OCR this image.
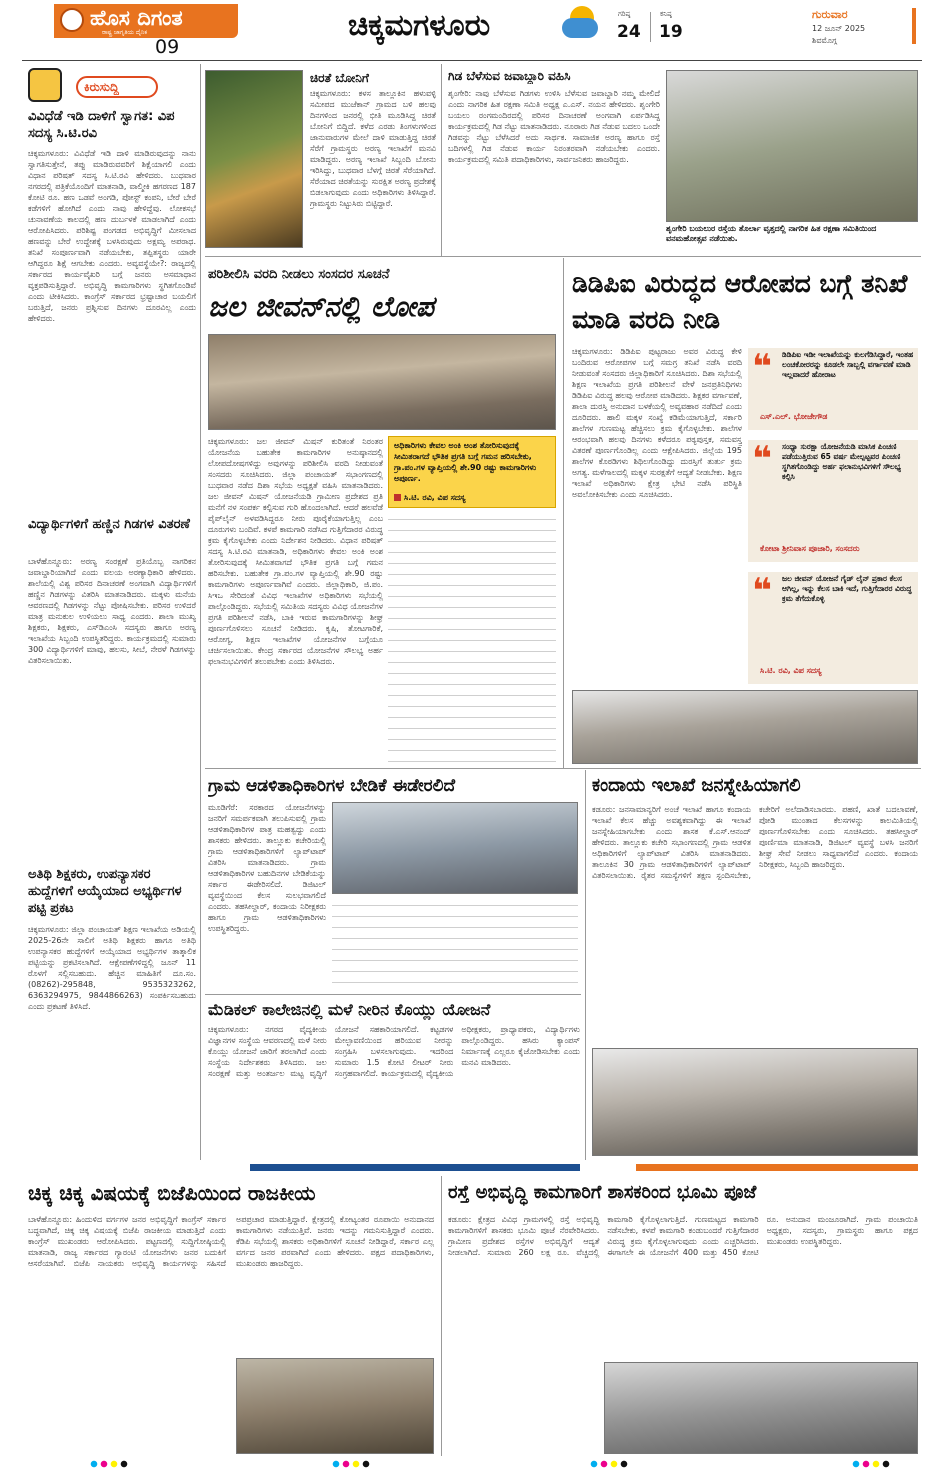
ಹೊಸ ದಿಗಂತ
ರಾಷ್ಟ್ರ ಜಾಗೃತಿಯ ದೈನಿಕ
09
ಚಿಕ್ಕಮಗಳೂರು	ಗರಿಷ್ಠ
24
ಕನಿಷ್ಠ
19
ಗುರುವಾರ
12 ಜೂನ್ 2025
ಶಿವಮೊಗ್ಗ
ಕಿರುಸುದ್ದಿ
ವಿವಿಧೆಡೆ ಇಡಿ ದಾಳಿಗೆ ಸ್ವಾಗತ: ವಿಪ ಸದಸ್ಯ ಸಿ.ಟಿ.ರವಿ
ಚಿಕ್ಕಮಗಳೂರು: ವಿವಿಧೆಡೆ ಇಡಿ ದಾಳಿ ಮಾಡಿರುವುದನ್ನು ನಾನು ಸ್ವಾಗತಿಸುತ್ತೇನೆ, ತಪ್ಪು ಮಾಡಿರುವವರಿಗೆ ಶಿಕ್ಷೆಯಾಗಲಿ ಎಂದು ವಿಧಾನ ಪರಿಷತ್ ಸದಸ್ಯ ಸಿ.ಟಿ.ರವಿ ಹೇಳಿದರು. ಬುಧವಾರ ನಗರದಲ್ಲಿ ಪತ್ರಿಕೆಯೊಂದಿಗೆ ಮಾತನಾಡಿ, ವಾಲ್ಮೀಕಿ ಹಗರಣದ 187 ಕೋಟಿ ರೂ. ಹಣ ಒಡವೆ ಅಂಗಡಿ, ಪೋಸ್ಟ್ ಕಂಪನಿ, ಬೇರೆ ಬೇರೆ ಕಡೆಗಳಿಗೆ ಹೋಗಿದೆ ಎಂದು ನಾವು ಹೇಳಿದ್ದೆವು. ಲೋಕಸಭೆ ಚುನಾವಣೆಯ ಕಾಲದಲ್ಲಿ ಹಣ ದುರ್ಬಳಕೆ ಮಾಡಲಾಗಿದೆ ಎಂದು ಆರೋಪಿಸಿದರು. ಪರಿಶಿಷ್ಟ ಪಂಗಡದ ಅಭಿವೃದ್ಧಿಗೆ ಮೀಸಲಾದ ಹಣವನ್ನು ಬೇರೆ ಉದ್ದೇಶಕ್ಕೆ ಬಳಸಿರುವುದು ಅಕ್ಷಮ್ಯ ಅಪರಾಧ. ತನಿಖೆ ಸಂಪೂರ್ಣವಾಗಿ ನಡೆಯಬೇಕು, ತಪ್ಪಿತಸ್ಥರು ಯಾರೇ ಆಗಿದ್ದರೂ ಶಿಕ್ಷೆ ಆಗಬೇಕು ಎಂದರು. ಅವ್ಯವಸ್ಥೆಯೇ?: ರಾಜ್ಯದಲ್ಲಿ ಸರ್ಕಾರದ ಕಾರ್ಯವೈಖರಿ ಬಗ್ಗೆ ಜನರು ಅಸಮಾಧಾನ ವ್ಯಕ್ತಪಡಿಸುತ್ತಿದ್ದಾರೆ. ಅಭಿವೃದ್ಧಿ ಕಾಮಗಾರಿಗಳು ಸ್ಥಗಿತಗೊಂಡಿವೆ ಎಂದು ಟೀಕಿಸಿದರು. ಕಾಂಗ್ರೆಸ್ ಸರ್ಕಾರದ ಭ್ರಷ್ಟಾಚಾರ ಬಯಲಿಗೆ ಬರುತ್ತಿದೆ, ಜನರು ಪ್ರಶ್ನಿಸುವ ದಿನಗಳು ದೂರವಿಲ್ಲ ಎಂದು ಹೇಳಿದರು.
ವಿದ್ಯಾರ್ಥಿಗಳಿಗೆ ಹಣ್ಣಿನ ಗಿಡಗಳ ವಿತರಣೆ
ಬಾಳೆಹೊನ್ನೂರು: ಅರಣ್ಯ ಸಂರಕ್ಷಣೆ ಪ್ರತಿಯೊಬ್ಬ ನಾಗರಿಕನ ಜವಾಬ್ದಾರಿಯಾಗಿದೆ ಎಂದು ವಲಯ ಅರಣ್ಯಾಧಿಕಾರಿ ಹೇಳಿದರು. ಶಾಲೆಯಲ್ಲಿ ವಿಶ್ವ ಪರಿಸರ ದಿನಾಚರಣೆ ಅಂಗವಾಗಿ ವಿದ್ಯಾರ್ಥಿಗಳಿಗೆ ಹಣ್ಣಿನ ಗಿಡಗಳನ್ನು ವಿತರಿಸಿ ಮಾತನಾಡಿದರು. ಮಕ್ಕಳು ಮನೆಯ ಆವರಣದಲ್ಲಿ ಗಿಡಗಳನ್ನು ನೆಟ್ಟು ಪೋಷಿಸಬೇಕು. ಪರಿಸರ ಉಳಿದರೆ ಮಾತ್ರ ಮನುಕುಲ ಉಳಿಯಲು ಸಾಧ್ಯ ಎಂದರು. ಶಾಲಾ ಮುಖ್ಯ ಶಿಕ್ಷಕರು, ಶಿಕ್ಷಕರು, ಎಸ್‌ಡಿಎಂಸಿ ಸದಸ್ಯರು ಹಾಗೂ ಅರಣ್ಯ ಇಲಾಖೆಯ ಸಿಬ್ಬಂದಿ ಉಪಸ್ಥಿತರಿದ್ದರು. ಕಾರ್ಯಕ್ರಮದಲ್ಲಿ ಸುಮಾರು 300 ವಿದ್ಯಾರ್ಥಿಗಳಿಗೆ ಮಾವು, ಹಲಸು, ಸೀಬೆ, ನೇರಳೆ ಗಿಡಗಳನ್ನು ವಿತರಿಸಲಾಯಿತು.
ಅತಿಥಿ ಶಿಕ್ಷಕರು, ಉಪನ್ಯಾಸಕರ ಹುದ್ದೆಗಳಿಗೆ ಆಯ್ಕೆಯಾದ ಅಭ್ಯರ್ಥಿಗಳ ಪಟ್ಟಿ ಪ್ರಕಟ
ಚಿಕ್ಕಮಗಳೂರು: ಜಿಲ್ಲಾ ಪಂಚಾಯತ್ ಶಿಕ್ಷಣ ಇಲಾಖೆಯ ಅಡಿಯಲ್ಲಿ 2025-26ನೇ ಸಾಲಿಗೆ ಅತಿಥಿ ಶಿಕ್ಷಕರು ಹಾಗೂ ಅತಿಥಿ ಉಪನ್ಯಾಸಕರ ಹುದ್ದೆಗಳಿಗೆ ಆಯ್ಕೆಯಾದ ಅಭ್ಯರ್ಥಿಗಳ ತಾತ್ಕಾಲಿಕ ಪಟ್ಟಿಯನ್ನು ಪ್ರಕಟಿಸಲಾಗಿದೆ. ಆಕ್ಷೇಪಣೆಗಳಿದ್ದಲ್ಲಿ ಜೂನ್ 11 ರೊಳಗೆ ಸಲ್ಲಿಸಬಹುದು. ಹೆಚ್ಚಿನ ಮಾಹಿತಿಗೆ ದೂ.ಸಂ. (08262)-295848, 9535323262, 6363294975, 9844866263) ಸಂಪರ್ಕಿಸಬಹುದು ಎಂದು ಪ್ರಕಟಣೆ ತಿಳಿಸಿದೆ.
ಚಿರತೆ ಬೋನಿಗೆ
ಚಿಕ್ಕಮಗಳೂರು: ಕಳಸ ತಾಲ್ಲೂಕಿನ ಹಳುವಳ್ಳಿ ಸಮೀಪದ ಮುಜೆಕಾನ್ ಗ್ರಾಮದ ಬಳಿ ಹಲವು ದಿನಗಳಿಂದ ಜನರಲ್ಲಿ ಭೀತಿ ಮೂಡಿಸಿದ್ದ ಚಿರತೆ ಬೋನಿಗೆ ಬಿದ್ದಿದೆ. ಕಳೆದ ಎರಡು ತಿಂಗಳುಗಳಿಂದ ಜಾನುವಾರುಗಳ ಮೇಲೆ ದಾಳಿ ಮಾಡುತ್ತಿದ್ದ ಚಿರತೆ ಸೆರೆಗೆ ಗ್ರಾಮಸ್ಥರು ಅರಣ್ಯ ಇಲಾಖೆಗೆ ಮನವಿ ಮಾಡಿದ್ದರು. ಅರಣ್ಯ ಇಲಾಖೆ ಸಿಬ್ಬಂದಿ ಬೋನು ಇರಿಸಿದ್ದು, ಬುಧವಾರ ಬೆಳಗ್ಗೆ ಚಿರತೆ ಸೆರೆಯಾಗಿದೆ. ಸೆರೆಯಾದ ಚಿರತೆಯನ್ನು ಸುರಕ್ಷಿತ ಅರಣ್ಯ ಪ್ರದೇಶಕ್ಕೆ ಬಿಡಲಾಗುವುದು ಎಂದು ಅಧಿಕಾರಿಗಳು ತಿಳಿಸಿದ್ದಾರೆ. ಗ್ರಾಮಸ್ಥರು ನಿಟ್ಟುಸಿರು ಬಿಟ್ಟಿದ್ದಾರೆ.
ಗಿಡ ಬೆಳೆಸುವ ಜವಾಬ್ದಾರಿ ವಹಿಸಿ
ಶೃಂಗೇರಿ: ನಾವು ಬೆಳೆಸುವ ಗಿಡಗಳು ಉಳಿಸಿ ಬೆಳೆಸುವ ಜವಾಬ್ದಾರಿ ನಮ್ಮ ಮೇಲಿದೆ ಎಂದು ನಾಗರಿಕ ಹಿತ ರಕ್ಷಣಾ ಸಮಿತಿ ಅಧ್ಯಕ್ಷ ಎ.ಎಸ್. ನಯನ ಹೇಳಿದರು. ಶೃಂಗೇರಿ ಬಯಲು ರಂಗಮಂದಿರದಲ್ಲಿ ಪರಿಸರ ದಿನಾಚರಣೆ ಅಂಗವಾಗಿ ಏರ್ಪಡಿಸಿದ್ದ ಕಾರ್ಯಕ್ರಮದಲ್ಲಿ ಗಿಡ ನೆಟ್ಟು ಮಾತನಾಡಿದರು. ನೂರಾರು ಗಿಡ ನೆಡುವ ಬದಲು ಒಂದೇ ಗಿಡವನ್ನು ನೆಟ್ಟು ಬೆಳೆಸಿದರೆ ಅದು ಸಾರ್ಥಕ. ಸಾಮಾಜಿಕ ಅರಣ್ಯ ಹಾಗೂ ರಸ್ತೆ ಬದಿಗಳಲ್ಲಿ ಗಿಡ ನೆಡುವ ಕಾರ್ಯ ನಿರಂತರವಾಗಿ ನಡೆಯಬೇಕು ಎಂದರು. ಕಾರ್ಯಕ್ರಮದಲ್ಲಿ ಸಮಿತಿ ಪದಾಧಿಕಾರಿಗಳು, ಸಾರ್ವಜನಿಕರು ಹಾಜರಿದ್ದರು.
ಶೃಂಗೇರಿ ಬಯಲುರ ರಸ್ತೆಯ ತೊರ್ಲಾ ವೃತ್ತದಲ್ಲಿ ನಾಗರಿಕ ಹಿತ ರಕ್ಷಣಾ ಸಮಿತಿಯಿಂದ ವನಮಹೋತ್ಸವ ನಡೆಯಿತು.
ಪರಿಶೀಲಿಸಿ ವರದಿ ನೀಡಲು ಸಂಸದರ ಸೂಚನೆ
ಜಲ ಜೀವನ್‌ನಲ್ಲಿ ಲೋಪ
ಚಿಕ್ಕಮಗಳೂರು: ಜಲ ಜೀವನ್ ಮಿಷನ್ ಕುರಿತಂತೆ ನಿರಂತರ ಯೋಜನೆಯ ಬಹುತೇಕ ಕಾಮಗಾರಿಗಳ ಅನುಷ್ಠಾನದಲ್ಲಿ ಲೋಪದೋಷಗಳಿದ್ದು ಅವುಗಳನ್ನು ಪರಿಶೀಲಿಸಿ ವರದಿ ನೀಡುವಂತೆ ಸಂಸದರು ಸೂಚಿಸಿದರು. ಜಿಲ್ಲಾ ಪಂಚಾಯತ್ ಸಭಾಂಗಣದಲ್ಲಿ ಬುಧವಾರ ನಡೆದ ದಿಶಾ ಸಭೆಯ ಅಧ್ಯಕ್ಷತೆ ವಹಿಸಿ ಮಾತನಾಡಿದರು. ಜಲ ಜೀವನ್ ಮಿಷನ್ ಯೋಜನೆಯಡಿ ಗ್ರಾಮೀಣ ಪ್ರದೇಶದ ಪ್ರತಿ ಮನೆಗೆ ನಳ ಸಂಪರ್ಕ ಕಲ್ಪಿಸುವ ಗುರಿ ಹೊಂದಲಾಗಿದೆ. ಆದರೆ ಹಲವೆಡೆ ಪೈಪ್‌ಲೈನ್ ಅಳವಡಿಸಿದ್ದರೂ ನೀರು ಪೂರೈಕೆಯಾಗುತ್ತಿಲ್ಲ ಎಂಬ ದೂರುಗಳು ಬಂದಿವೆ. ಕಳಪೆ ಕಾಮಗಾರಿ ನಡೆಸಿದ ಗುತ್ತಿಗೆದಾರರ ವಿರುದ್ಧ ಕ್ರಮ ಕೈಗೊಳ್ಳಬೇಕು ಎಂದು ನಿರ್ದೇಶನ ನೀಡಿದರು. ವಿಧಾನ ಪರಿಷತ್ ಸದಸ್ಯ ಸಿ.ಟಿ.ರವಿ ಮಾತನಾಡಿ, ಅಧಿಕಾರಿಗಳು ಕೇವಲ ಅಂಕಿ ಅಂಶ ತೋರಿಸುವುದಕ್ಕೆ ಸೀಮಿತವಾಗದೆ ಭೌತಿಕ ಪ್ರಗತಿ ಬಗ್ಗೆ ಗಮನ ಹರಿಸಬೇಕು. ಬಹುತೇಕ ಗ್ರಾ.ಪಂ.ಗಳ ವ್ಯಾಪ್ತಿಯಲ್ಲಿ ಶೇ.90 ರಷ್ಟು ಕಾಮಗಾರಿಗಳು ಅಪೂರ್ಣವಾಗಿವೆ ಎಂದರು. ಜಿಲ್ಲಾಧಿಕಾರಿ, ಜಿ.ಪಂ. ಸಿಇಒ ಸೇರಿದಂತೆ ವಿವಿಧ ಇಲಾಖೆಗಳ ಅಧಿಕಾರಿಗಳು ಸಭೆಯಲ್ಲಿ ಪಾಲ್ಗೊಂಡಿದ್ದರು. ಸಭೆಯಲ್ಲಿ ಸಮಿತಿಯ ಸದಸ್ಯರು ವಿವಿಧ ಯೋಜನೆಗಳ ಪ್ರಗತಿ ಪರಿಶೀಲನೆ ನಡೆಸಿ, ಬಾಕಿ ಇರುವ ಕಾಮಗಾರಿಗಳನ್ನು ಶೀಘ್ರ ಪೂರ್ಣಗೊಳಿಸಲು ಸೂಚನೆ ನೀಡಿದರು. ಕೃಷಿ, ತೋಟಗಾರಿಕೆ, ಆರೋಗ್ಯ, ಶಿಕ್ಷಣ ಇಲಾಖೆಗಳ ಯೋಜನೆಗಳ ಬಗ್ಗೆಯೂ ಚರ್ಚಿಸಲಾಯಿತು. ಕೇಂದ್ರ ಸರ್ಕಾರದ ಯೋಜನೆಗಳ ಸೌಲಭ್ಯ ಅರ್ಹ ಫಲಾನುಭವಿಗಳಿಗೆ ತಲುಪಬೇಕು ಎಂದು ತಿಳಿಸಿದರು.
ಅಧಿಕಾರಿಗಳು ಕೇವಲ ಅಂಕಿ ಅಂಶ ತೋರಿಸುವುದಕ್ಕೆ ಸೀಮಿತರಾಗದೆ ಭೌತಿಕ ಪ್ರಗತಿ ಬಗ್ಗೆ ಗಮನ ಹರಿಸಬೇಕು, ಗ್ರಾ.ಪಂ.ಗಳ ವ್ಯಾಪ್ತಿಯಲ್ಲಿ ಶೇ.90 ರಷ್ಟು ಕಾಮಗಾರಿಗಳು ಅಪೂರ್ಣ.
ಸಿ.ಟಿ. ರವಿ, ವಿಪ ಸದಸ್ಯ
ಡಿಡಿಪಿಐ ವಿರುದ್ಧದ ಆರೋಪದ ಬಗ್ಗೆ ತನಿಖೆ ಮಾಡಿ ವರದಿ ನೀಡಿ
ಚಿಕ್ಕಮಗಳೂರು: ಡಿಡಿಪಿಐ ಪುಟ್ಟರಾಜು ಅವರ ವಿರುದ್ಧ ಕೇಳಿ ಬಂದಿರುವ ಆರೋಪಗಳ ಬಗ್ಗೆ ಸಮಗ್ರ ತನಿಖೆ ನಡೆಸಿ ವರದಿ ನೀಡುವಂತೆ ಸಂಸದರು ಜಿಲ್ಲಾಧಿಕಾರಿಗೆ ಸೂಚಿಸಿದರು. ದಿಶಾ ಸಭೆಯಲ್ಲಿ ಶಿಕ್ಷಣ ಇಲಾಖೆಯ ಪ್ರಗತಿ ಪರಿಶೀಲನೆ ವೇಳೆ ಜನಪ್ರತಿನಿಧಿಗಳು ಡಿಡಿಪಿಐ ವಿರುದ್ಧ ಹಲವು ಆರೋಪ ಮಾಡಿದರು. ಶಿಕ್ಷಕರ ವರ್ಗಾವಣೆ, ಶಾಲಾ ದುರಸ್ತಿ ಅನುದಾನ ಬಳಕೆಯಲ್ಲಿ ಅವ್ಯವಹಾರ ನಡೆದಿದೆ ಎಂದು ದೂರಿದರು. ಹಾಲಿ ಮಕ್ಕಳ ಸಂಖ್ಯೆ ಕಡಿಮೆಯಾಗುತ್ತಿದೆ, ಸರ್ಕಾರಿ ಶಾಲೆಗಳ ಗುಣಮಟ್ಟ ಹೆಚ್ಚಿಸಲು ಕ್ರಮ ಕೈಗೊಳ್ಳಬೇಕು. ಶಾಲೆಗಳ ಆರಂಭವಾಗಿ ಹಲವು ದಿನಗಳು ಕಳೆದರೂ ಪಠ್ಯಪುಸ್ತಕ, ಸಮವಸ್ತ್ರ ವಿತರಣೆ ಪೂರ್ಣಗೊಂಡಿಲ್ಲ ಎಂದು ಆಕ್ಷೇಪಿಸಿದರು. ಜಿಲ್ಲೆಯ 195 ಶಾಲೆಗಳ ಕೊಠಡಿಗಳು ಶಿಥಿಲಗೊಂಡಿದ್ದು ದುರಸ್ತಿಗೆ ತುರ್ತು ಕ್ರಮ ಅಗತ್ಯ. ಮಳೆಗಾಲದಲ್ಲಿ ಮಕ್ಕಳ ಸುರಕ್ಷತೆಗೆ ಆದ್ಯತೆ ನೀಡಬೇಕು. ಶಿಕ್ಷಣ ಇಲಾಖೆ ಅಧಿಕಾರಿಗಳು ಕ್ಷೇತ್ರ ಭೇಟಿ ನಡೆಸಿ ಪರಿಸ್ಥಿತಿ ಅವಲೋಕಿಸಬೇಕು ಎಂದು ಸೂಚಿಸಿದರು.
❝	ಡಿಡಿಪಿಐ ಇಡೀ ಇಲಾಖೆಯನ್ನು ಕುಲಗೆಡಿಸಿದ್ದಾರೆ, ಇಂತಹ ಲಂಚಕೋರರನ್ನು ಕೂಡಲೇ ಸಾಬ್ಬಲ್ಲಿ ವರ್ಗಾವಣೆ ಮಾಡಿ ಇಲ್ಲವಾದರೆ ಹೋರಾಟ
ಎಸ್.ಎಲ್. ಭೋಜೇಗೌಡ
❝	ಸಂಧ್ಯಾ ಸುರಕ್ಷಾ ಯೋಜನೆಯಡಿ ಮಾಸಿಕ ಪಿಂಚಣಿ ಪಡೆಯುತ್ತಿರುವ 65 ವರ್ಷ ಮೇಲ್ಪಟ್ಟವರ ಪಿಂಚಣಿ ಸ್ಥಗಿತಗೊಂಡಿದ್ದು ಅರ್ಹ ಫಲಾನುಭವಿಗಳಿಗೆ ಸೌಲಭ್ಯ ಕಲ್ಪಿಸಿ
ಕೋಟಾ ಶ್ರೀನಿವಾಸ ಪೂಜಾರಿ, ಸಂಸದರು
❝	ಜಲ ಜೀವನ್ ಯೋಜನೆ ಗೈಡ್ ಲೈನ್ ಪ್ರಕಾರ ಕೆಲಸ ಆಗಿಲ್ಲ, ಇನ್ನು ಕೆಲಸ ಬಾಕಿ ಇದೆ, ಗುತ್ತಿಗೆದಾರರ ವಿರುದ್ಧ ಕ್ರಮ ತೆಗೆದುಕೊಳ್ಳಿ
ಸಿ.ಟಿ. ರವಿ, ವಿಪ ಸದಸ್ಯ
ಗ್ರಾಮ ಆಡಳಿತಾಧಿಕಾರಿಗಳ ಬೇಡಿಕೆ ಈಡೇರಲಿದೆ
ಮೂಡಿಗೆರೆ: ಸರಕಾರದ ಯೋಜನೆಗಳನ್ನು ಜನರಿಗೆ ಸಮರ್ಪಕವಾಗಿ ತಲುಪಿಸುವಲ್ಲಿ ಗ್ರಾಮ ಆಡಳಿತಾಧಿಕಾರಿಗಳ ಪಾತ್ರ ಮಹತ್ವದ್ದು ಎಂದು ಶಾಸಕರು ಹೇಳಿದರು. ತಾಲ್ಲೂಕು ಕಚೇರಿಯಲ್ಲಿ ಗ್ರಾಮ ಆಡಳಿತಾಧಿಕಾರಿಗಳಿಗೆ ಲ್ಯಾಪ್‌ಟಾಪ್ ವಿತರಿಸಿ ಮಾತನಾಡಿದರು. ಗ್ರಾಮ ಆಡಳಿತಾಧಿಕಾರಿಗಳ ಬಹುದಿನಗಳ ಬೇಡಿಕೆಯನ್ನು ಸರ್ಕಾರ ಈಡೇರಿಸಲಿದೆ. ಡಿಜಿಟಲ್ ವ್ಯವಸ್ಥೆಯಿಂದ ಕೆಲಸ ಸುಲಭವಾಗಲಿದೆ ಎಂದರು. ತಹಸೀಲ್ದಾರ್, ಕಂದಾಯ ನಿರೀಕ್ಷಕರು ಹಾಗೂ ಗ್ರಾಮ ಆಡಳಿತಾಧಿಕಾರಿಗಳು ಉಪಸ್ಥಿತರಿದ್ದರು.
ಕಂದಾಯ ಇಲಾಖೆ ಜನಸ್ನೇಹಿಯಾಗಲಿ
ಕಡೂರು: ಜನಸಾಮಾನ್ಯರಿಗೆ ಅಂಚೆ ಇಲಾಖೆ ಹಾಗೂ ಕಂದಾಯ ಇಲಾಖೆ ಕೆಲಸ ಹೆಚ್ಚು ಅವಶ್ಯಕವಾಗಿದ್ದು ಈ ಇಲಾಖೆ ಜನಸ್ನೇಹಿಯಾಗಬೇಕು ಎಂದು ಶಾಸಕ ಕೆ.ಎಸ್.ಆನಂದ್ ಹೇಳಿದರು. ತಾಲ್ಲೂಕು ಕಚೇರಿ ಸಭಾಂಗಣದಲ್ಲಿ ಗ್ರಾಮ ಆಡಳಿತ ಅಧಿಕಾರಿಗಳಿಗೆ ಲ್ಯಾಪ್‌ಟಾಪ್ ವಿತರಿಸಿ ಮಾತನಾಡಿದರು. ತಾಲೂಕಿನ 30 ಗ್ರಾಮ ಆಡಳಿತಾಧಿಕಾರಿಗಳಿಗೆ ಲ್ಯಾಪ್‌ಟಾಪ್ ವಿತರಿಸಲಾಯಿತು. ರೈತರ ಸಮಸ್ಯೆಗಳಿಗೆ ತಕ್ಷಣ ಸ್ಪಂದಿಸಬೇಕು, ಕಚೇರಿಗೆ ಅಲೆದಾಡಿಸಬಾರದು. ಪಹಣಿ, ಖಾತೆ ಬದಲಾವಣೆ, ಪೋಡಿ ಮುಂತಾದ ಕೆಲಸಗಳನ್ನು ಕಾಲಮಿತಿಯಲ್ಲಿ ಪೂರ್ಣಗೊಳಿಸಬೇಕು ಎಂದು ಸೂಚಿಸಿದರು. ತಹಸೀಲ್ದಾರ್ ಪೂರ್ಣಿಮಾ ಮಾತನಾಡಿ, ಡಿಜಿಟಲ್ ವ್ಯವಸ್ಥೆ ಬಳಸಿ ಜನರಿಗೆ ಶೀಘ್ರ ಸೇವೆ ನೀಡಲು ಸಾಧ್ಯವಾಗಲಿದೆ ಎಂದರು. ಕಂದಾಯ ನಿರೀಕ್ಷಕರು, ಸಿಬ್ಬಂದಿ ಹಾಜರಿದ್ದರು.
ಮೆಡಿಕಲ್ ಕಾಲೇಜಿನಲ್ಲಿ ಮಳೆ ನೀರಿನ ಕೊಯ್ಲು ಯೋಜನೆ
ಚಿಕ್ಕಮಗಳೂರು: ನಗರದ ವೈದ್ಯಕೀಯ ವಿಜ್ಞಾನಗಳ ಸಂಸ್ಥೆಯ ಆವರಣದಲ್ಲಿ ಮಳೆ ನೀರು ಕೊಯ್ಲು ಯೋಜನೆ ಜಾರಿಗೆ ತರಲಾಗಿದೆ ಎಂದು ಸಂಸ್ಥೆಯ ನಿರ್ದೇಶಕರು ತಿಳಿಸಿದರು. ಜಲ ಸಂರಕ್ಷಣೆ ಮತ್ತು ಅಂತರ್ಜಲ ಮಟ್ಟ ವೃದ್ಧಿಗೆ ಯೋಜನೆ ಸಹಕಾರಿಯಾಗಲಿದೆ. ಕಟ್ಟಡಗಳ ಮೇಲ್ಛಾವಣಿಯಿಂದ ಹರಿಯುವ ನೀರನ್ನು ಸಂಗ್ರಹಿಸಿ ಬಳಸಲಾಗುವುದು. ಇದರಿಂದ ಸುಮಾರು 1.5 ಕೋಟಿ ಲೀಟರ್ ನೀರು ಸಂಗ್ರಹವಾಗಲಿದೆ. ಕಾರ್ಯಕ್ರಮದಲ್ಲಿ ವೈದ್ಯಕೀಯ ಅಧೀಕ್ಷಕರು, ಪ್ರಾಧ್ಯಾಪಕರು, ವಿದ್ಯಾರ್ಥಿಗಳು ಪಾಲ್ಗೊಂಡಿದ್ದರು. ಹಸಿರು ಕ್ಯಾಂಪಸ್ ನಿರ್ಮಾಣಕ್ಕೆ ಎಲ್ಲರೂ ಕೈಜೋಡಿಸಬೇಕು ಎಂದು ಮನವಿ ಮಾಡಿದರು.
ಚಿಕ್ಕ ಚಿಕ್ಕ ವಿಷಯಕ್ಕೆ ಬಿಜೆಪಿಯಿಂದ ರಾಜಕೀಯ
ಬಾಳೆಹೊನ್ನೂರು: ಹಿಂದುಳಿದ ವರ್ಗಗಳ ಜನರ ಅಭಿವೃದ್ಧಿಗೆ ಕಾಂಗ್ರೆಸ್ ಸರ್ಕಾರ ಬದ್ಧವಾಗಿದೆ, ಚಿಕ್ಕ ಚಿಕ್ಕ ವಿಷಯಕ್ಕೆ ಬಿಜೆಪಿ ರಾಜಕೀಯ ಮಾಡುತ್ತಿದೆ ಎಂದು ಕಾಂಗ್ರೆಸ್ ಮುಖಂಡರು ಆರೋಪಿಸಿದರು. ಪಟ್ಟಣದಲ್ಲಿ ಸುದ್ದಿಗೋಷ್ಠಿಯಲ್ಲಿ ಮಾತನಾಡಿ, ರಾಜ್ಯ ಸರ್ಕಾರದ ಗ್ಯಾರಂಟಿ ಯೋಜನೆಗಳು ಜನರ ಬದುಕಿಗೆ ಆಸರೆಯಾಗಿವೆ. ಬಿಜೆಪಿ ನಾಯಕರು ಅಭಿವೃದ್ಧಿ ಕಾರ್ಯಗಳನ್ನು ಸಹಿಸದೆ ಅಪಪ್ರಚಾರ ಮಾಡುತ್ತಿದ್ದಾರೆ. ಕ್ಷೇತ್ರದಲ್ಲಿ ಕೋಟ್ಯಂತರ ರೂಪಾಯಿ ಅನುದಾನದ ಕಾಮಗಾರಿಗಳು ನಡೆಯುತ್ತಿವೆ. ಜನರು ಇದನ್ನು ಗಮನಿಸುತ್ತಿದ್ದಾರೆ ಎಂದರು. ಕೆಡಿಪಿ ಸಭೆಯಲ್ಲಿ ಶಾಸಕರು ಅಧಿಕಾರಿಗಳಿಗೆ ಸೂಚನೆ ನೀಡಿದ್ದಾರೆ, ಸರ್ಕಾರ ಎಲ್ಲ ವರ್ಗದ ಜನರ ಪರವಾಗಿದೆ ಎಂದು ಹೇಳಿದರು. ಪಕ್ಷದ ಪದಾಧಿಕಾರಿಗಳು, ಮುಖಂಡರು ಹಾಜರಿದ್ದರು.
ರಸ್ತೆ ಅಭಿವೃದ್ಧಿ ಕಾಮಗಾರಿಗೆ ಶಾಸಕರಿಂದ ಭೂಮಿ ಪೂಜೆ
ಕಡೂರು: ಕ್ಷೇತ್ರದ ವಿವಿಧ ಗ್ರಾಮಗಳಲ್ಲಿ ರಸ್ತೆ ಅಭಿವೃದ್ಧಿ ಕಾಮಗಾರಿಗಳಿಗೆ ಶಾಸಕರು ಭೂಮಿ ಪೂಜೆ ನೆರವೇರಿಸಿದರು. ಗ್ರಾಮೀಣ ಪ್ರದೇಶದ ರಸ್ತೆಗಳ ಅಭಿವೃದ್ಧಿಗೆ ಆದ್ಯತೆ ನೀಡಲಾಗಿದೆ. ಸುಮಾರು 260 ಲಕ್ಷ ರೂ. ವೆಚ್ಚದಲ್ಲಿ ಕಾಮಗಾರಿ ಕೈಗೊಳ್ಳಲಾಗುತ್ತಿದೆ. ಗುಣಮಟ್ಟದ ಕಾಮಗಾರಿ ನಡೆಸಬೇಕು, ಕಳಪೆ ಕಾಮಗಾರಿ ಕಂಡುಬಂದರೆ ಗುತ್ತಿಗೆದಾರರ ವಿರುದ್ಧ ಕ್ರಮ ಕೈಗೊಳ್ಳಲಾಗುವುದು ಎಂದು ಎಚ್ಚರಿಸಿದರು. ಈಗಾಗಲೇ ಈ ಯೋಜನೆಗೆ 400 ಮತ್ತು 450 ಕೋಟಿ ರೂ. ಅನುದಾನ ಮಂಜೂರಾಗಿದೆ. ಗ್ರಾಮ ಪಂಚಾಯಿತಿ ಅಧ್ಯಕ್ಷರು, ಸದಸ್ಯರು, ಗ್ರಾಮಸ್ಥರು ಹಾಗೂ ಪಕ್ಷದ ಮುಖಂಡರು ಉಪಸ್ಥಿತರಿದ್ದರು.
